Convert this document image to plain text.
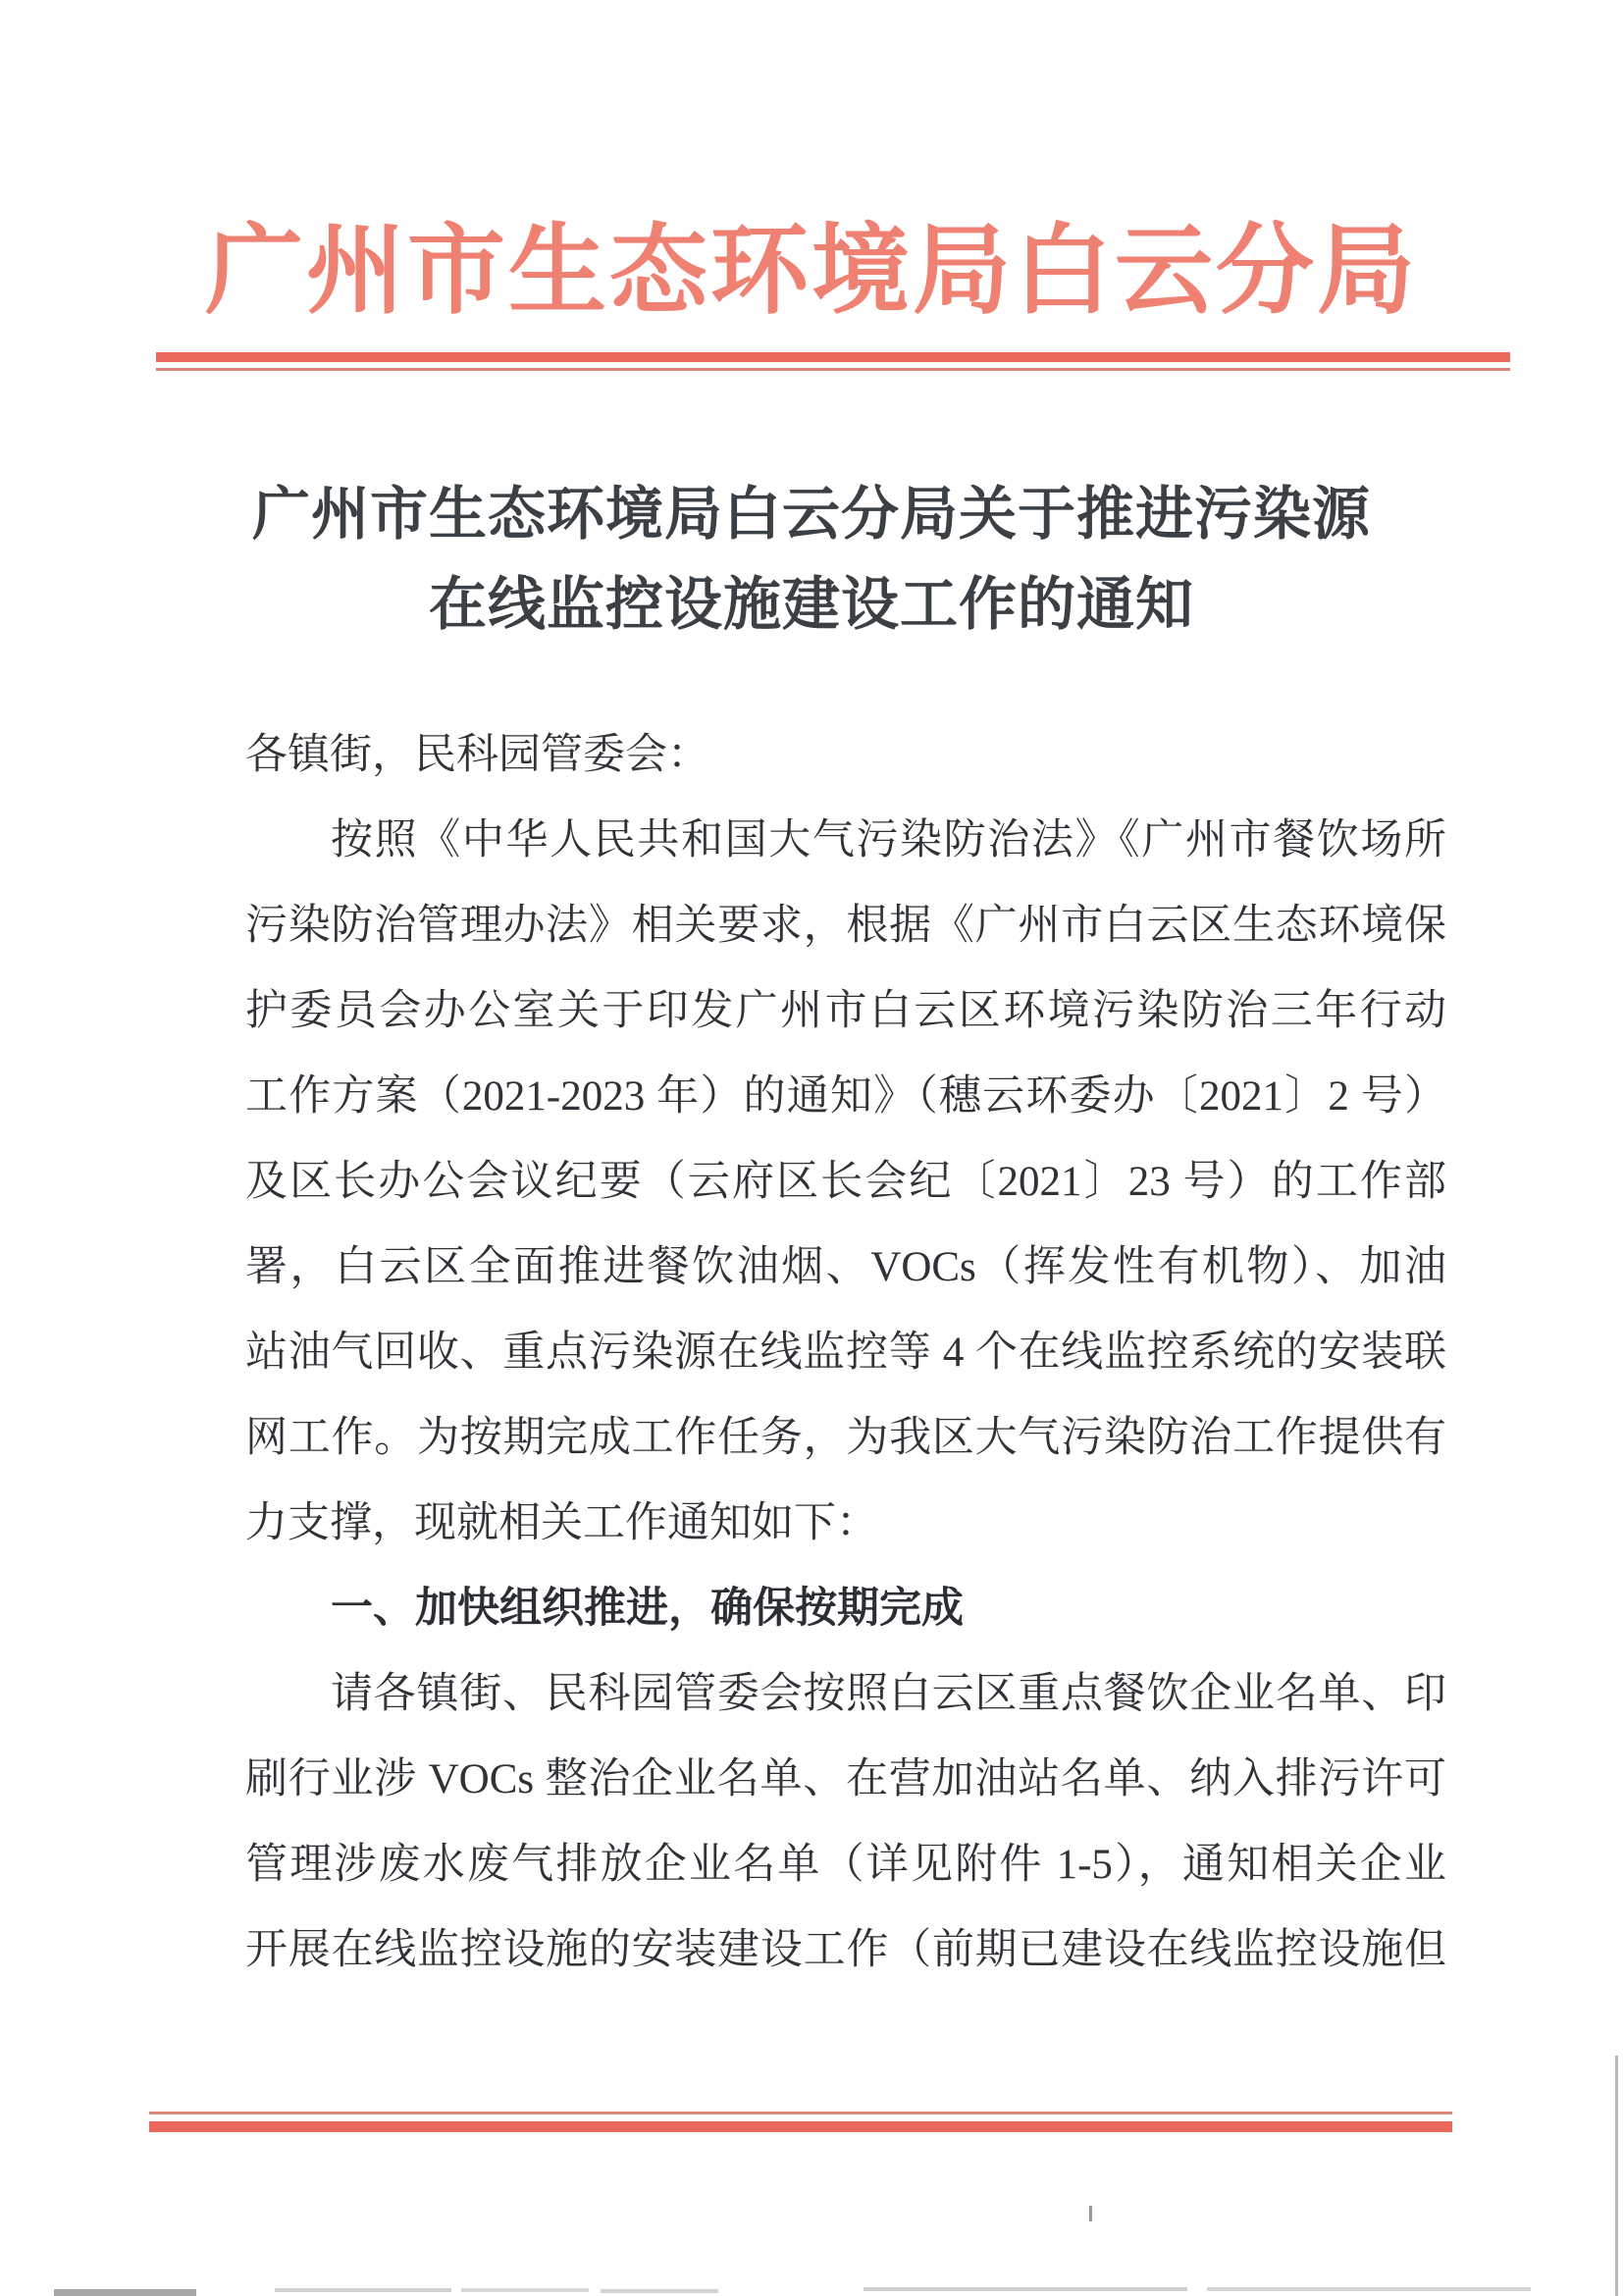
广州市生态环境局白云分局
广州市生态环境局白云分局关于推进污染源
在线监控设施建设工作的通知
各镇街，民科园管委会：
按照《中华人民共和国大气污染防治法》《广州市餐饮场所
污染防治管理办法》相关要求，根据《广州市白云区生态环境保
护委员会办公室关于印发广州市白云区环境污染防治三年行动
工作方案（2021-2023 年）的通知》（穗云环委办〔2021〕2 号）
及区长办公会议纪要（云府区长会纪〔2021〕23 号）的工作部
署，白云区全面推进餐饮油烟、VOCs（挥发性有机物）、加油
站油气回收、重点污染源在线监控等 4 个在线监控系统的安装联
网工作。为按期完成工作任务，为我区大气污染防治工作提供有
力支撑，现就相关工作通知如下：
一、加快组织推进，确保按期完成
请各镇街、民科园管委会按照白云区重点餐饮企业名单、印
刷行业涉 VOCs 整治企业名单、在营加油站名单、纳入排污许可
管理涉废水废气排放企业名单（详见附件 1-5），通知相关企业
开展在线监控设施的安装建设工作（前期已建设在线监控设施但
